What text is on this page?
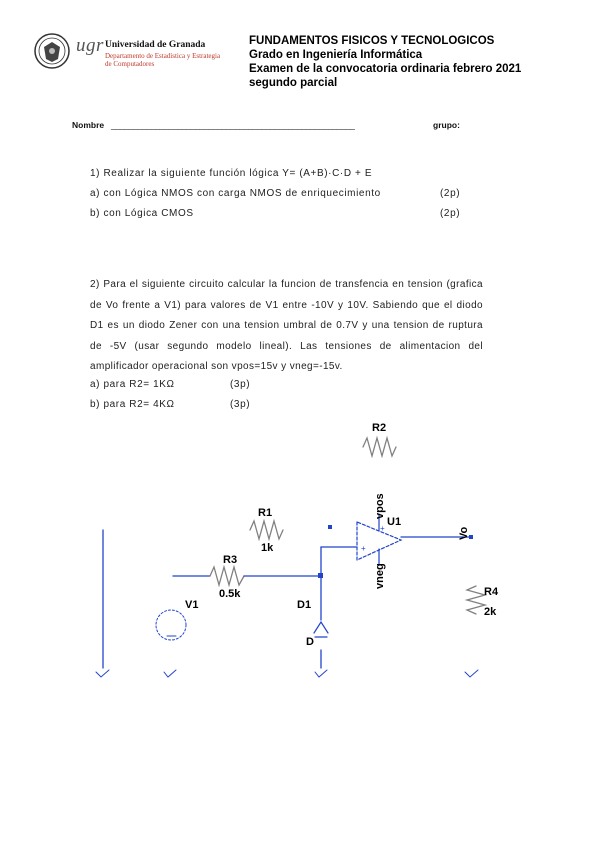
ugr Universidad de Granada
Departamento de Estadística y Estrategia
de Computadores
FUNDAMENTOS FISICOS Y TECNOLOGICOS
Grado en Ingeniería Informática
Examen de la convocatoria ordinaria febrero 2021
segundo parcial
Nombre _______________________________________________________	grupo:
1) Realizar la siguiente función lógica Y= (A+B)·C·D + E
a) con Lógica NMOS con carga NMOS de enriquecimiento	(2p)
b) con Lógica CMOS	(2p)
2) Para el siguiente circuito calcular la funcion de transfencia en tension (grafica de Vo frente a V1) para valores de V1 entre -10V y 10V. Sabiendo que el diodo D1 es un diodo Zener con una tension umbral de 0.7V y una tension de ruptura de -5V (usar segundo modelo lineal). Las tensiones de alimentacion del amplificador operacional son vpos=15v y vneg=-15v.
a) para R2= 1KΩ	(3p)
b) para R2= 4KΩ	(3p)
R2
R1
1k
R3
0.5k
V1	D1
D
U1
vpos
vneg
Vo
R4
2k
+
+
